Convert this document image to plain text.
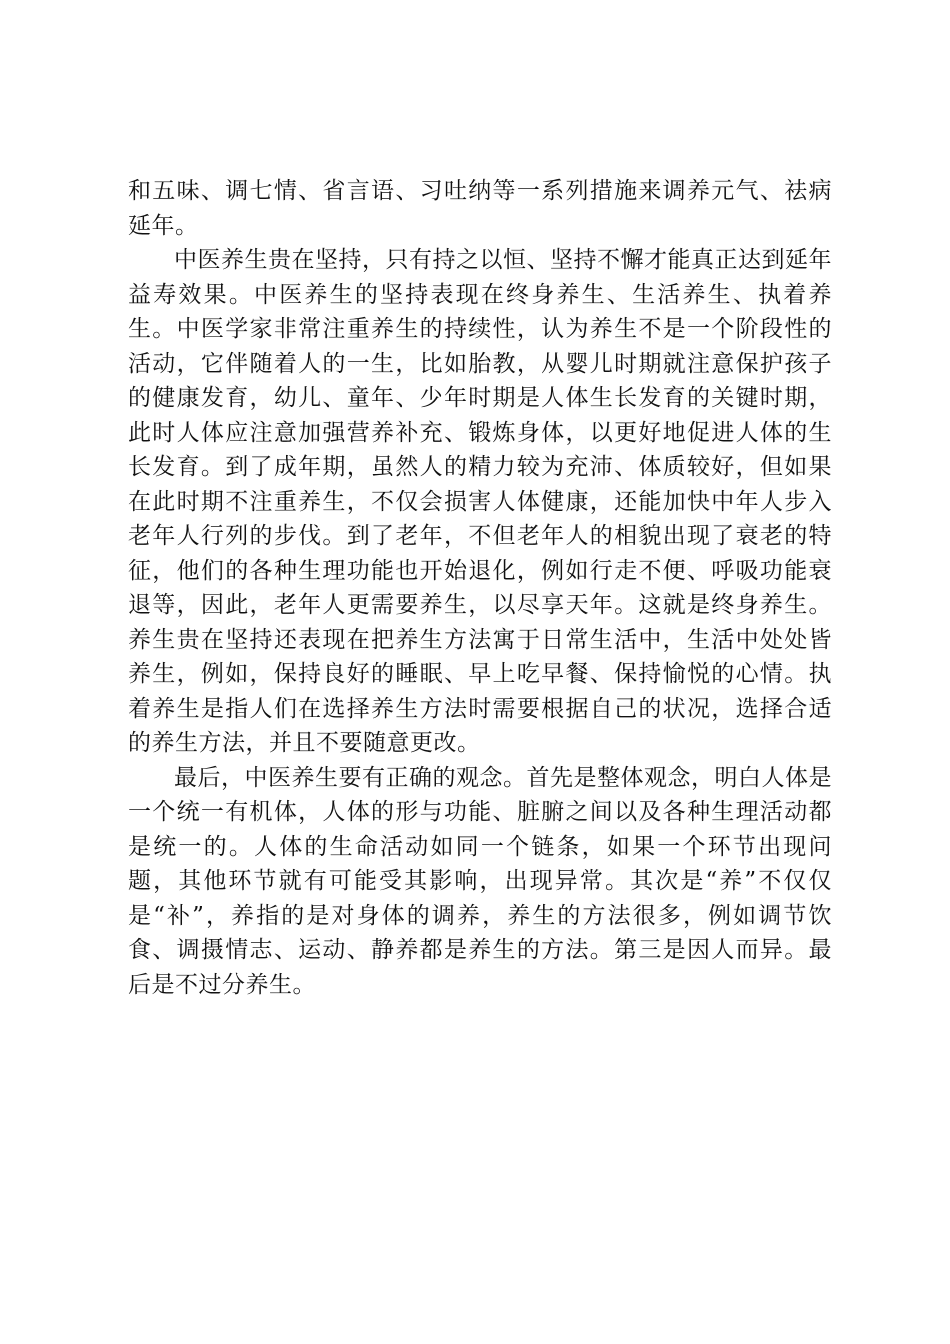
和五味、调七情、省言语、习吐纳等一系列措施来调养元气、祛病延年。

中医养生贵在坚持，只有持之以恒、坚持不懈才能真正达到延年益寿效果。中医养生的坚持表现在终身养生、生活养生、执着养生。中医学家非常注重养生的持续性，认为养生不是一个阶段性的活动，它伴随着人的一生，比如胎教，从婴儿时期就注意保护孩子的健康发育，幼儿、童年、少年时期是人体生长发育的关键时期，此时人体应注意加强营养补充、锻炼身体，以更好地促进人体的生长发育。到了成年期，虽然人的精力较为充沛、体质较好，但如果在此时期不注重养生，不仅会损害人体健康，还能加快中年人步入老年人行列的步伐。到了老年，不但老年人的相貌出现了衰老的特征，他们的各种生理功能也开始退化，例如行走不便、呼吸功能衰退等，因此，老年人更需要养生，以尽享天年。这就是终身养生。养生贵在坚持还表现在把养生方法寓于日常生活中，生活中处处皆养生，例如，保持良好的睡眠、早上吃早餐、保持愉悦的心情。执着养生是指人们在选择养生方法时需要根据自己的状况，选择合适的养生方法，并且不要随意更改。

最后，中医养生要有正确的观念。首先是整体观念，明白人体是一个统一有机体，人体的形与功能、脏腑之间以及各种生理活动都是统一的。人体的生命活动如同一个链条，如果一个环节出现问题，其他环节就有可能受其影响，出现异常。其次是“养”不仅仅是“补”，养指的是对身体的调养，养生的方法很多，例如调节饮食、调摄情志、运动、静养都是养生的方法。第三是因人而异。最后是不过分养生。
